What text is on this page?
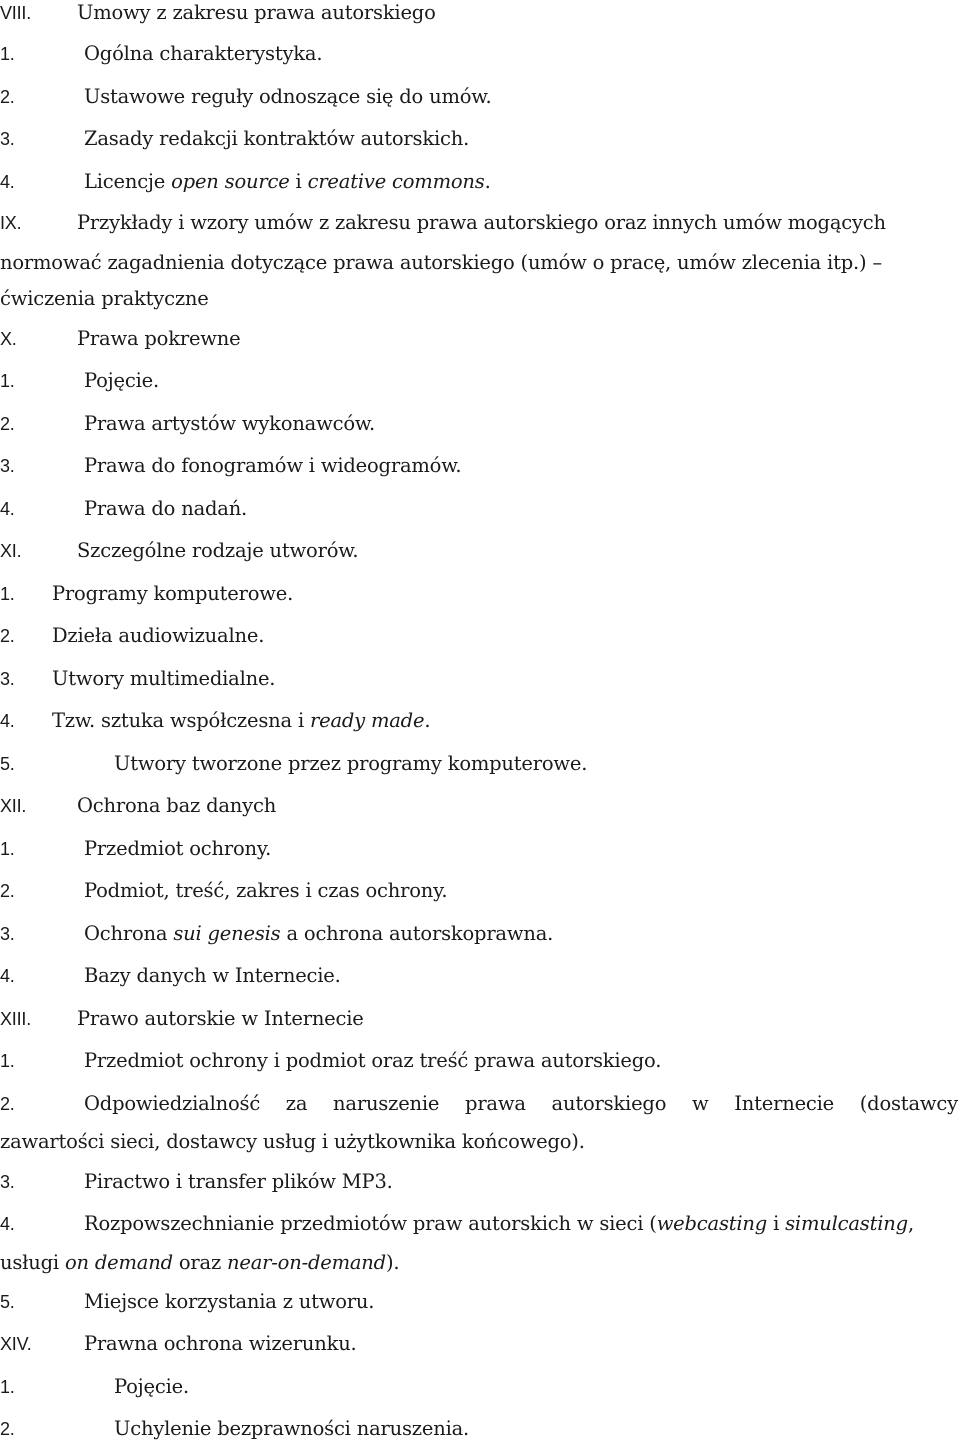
VIII. Umowy z zakresu prawa autorskiego
1.	Ogólna charakterystyka.
2.	Ustawowe reguły odnoszące się do umów.
3.	Zasady redakcji kontraktów autorskich.
4.	Licencje open source i creative commons.
IX.	Przykłady i wzory umów z zakresu prawa autorskiego oraz innych umów mogących
normować zagadnienia dotyczące prawa autorskiego (umów o pracę, umów zlecenia itp.) –
ćwiczenia praktyczne
X.	Prawa pokrewne
1.	Pojęcie.
2.	Prawa artystów wykonawców.
3.	Prawa do fonogramów i wideogramów.
4.	Prawa do nadań.
XI.	Szczególne rodzaje utworów.
1. Programy komputerowe.
2. Dzieła audiowizualne.
3. Utwory multimedialne.
4. Tzw. sztuka współczesna i ready made.
5.	Utwory tworzone przez programy komputerowe.
XII.	Ochrona baz danych
1.	Przedmiot ochrony.
2.	Podmiot, treść, zakres i czas ochrony.
3.	Ochrona sui genesis a ochrona autorskoprawna.
4.	Bazy danych w Internecie.
XIII. Prawo autorskie w Internecie
1.	Przedmiot ochrony i podmiot oraz treść prawa autorskiego.
2.	Odpowiedzialność za naruszenie prawa autorskiego w Internecie (dostawcy
zawartości sieci, dostawcy usług i użytkownika końcowego).
3.	Piractwo i transfer plików MP3.
4.	Rozpowszechnianie przedmiotów praw autorskich w sieci (webcasting i simulcasting,
usługi on demand oraz near-on-demand).
5.	Miejsce korzystania z utworu.
XIV.	Prawna ochrona wizerunku.
1.	Pojęcie.
2.	Uchylenie bezprawności naruszenia.
